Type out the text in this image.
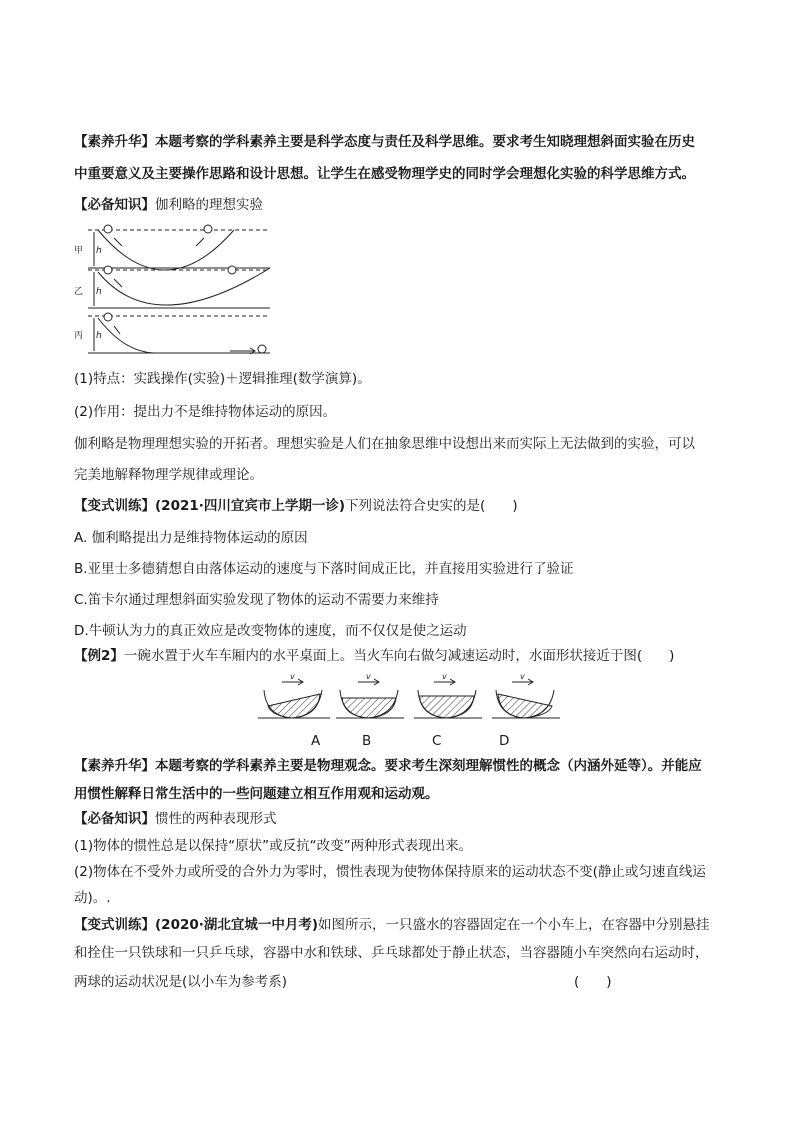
【素养升华】本题考察的学科素养主要是科学态度与责任及科学思维。要求考生知晓理想斜面实验在历史
中重要意义及主要操作思路和设计思想。让学生在感受物理学史的同时学会理想化实验的科学思维方式。
【必备知识】伽利略的理想实验
甲
乙
丙
h
h
h
(1)特点：实践操作(实验)＋逻辑推理(数学演算)。
(2)作用：提出力不是维持物体运动的原因。
伽利略是物理理想实验的开拓者。理想实验是人们在抽象思维中设想出来而实际上无法做到的实验，可以
完美地解释物理学规律或理论。
【变式训练】(2021·四川宜宾市上学期一诊)下列说法符合史实的是(　　)
A. 伽利略提出力是维持物体运动的原因
B.亚里士多德猜想自由落体运动的速度与下落时间成正比，并直接用实验进行了验证
C.笛卡尔通过理想斜面实验发现了物体的运动不需要力来维持
D.牛顿认为力的真正效应是改变物体的速度，而不仅仅是使之运动
【例2】一碗水置于火车车厢内的水平桌面上。当火车向右做匀减速运动时，水面形状接近于图(　　)
v	v	v	v
A	B	C	D
【素养升华】本题考察的学科素养主要是物理观念。要求考生深刻理解惯性的概念（内涵外延等）。并能应
用惯性解释日常生活中的一些问题建立相互作用观和运动观。
【必备知识】惯性的两种表现形式
(1)物体的惯性总是以保持“原状”或反抗“改变”两种形式表现出来。
(2)物体在不受外力或所受的合外力为零时，惯性表现为使物体保持原来的运动状态不变(静止或匀速直线运
动)。.
【变式训练】(2020·湖北宜城一中月考)如图所示，一只盛水的容器固定在一个小车上，在容器中分别悬挂
和拴住一只铁球和一只乒乓球，容器中水和铁球、乒乓球都处于静止状态，当容器随小车突然向右运动时，
两球的运动状况是(以小车为参考系)	(　　)
